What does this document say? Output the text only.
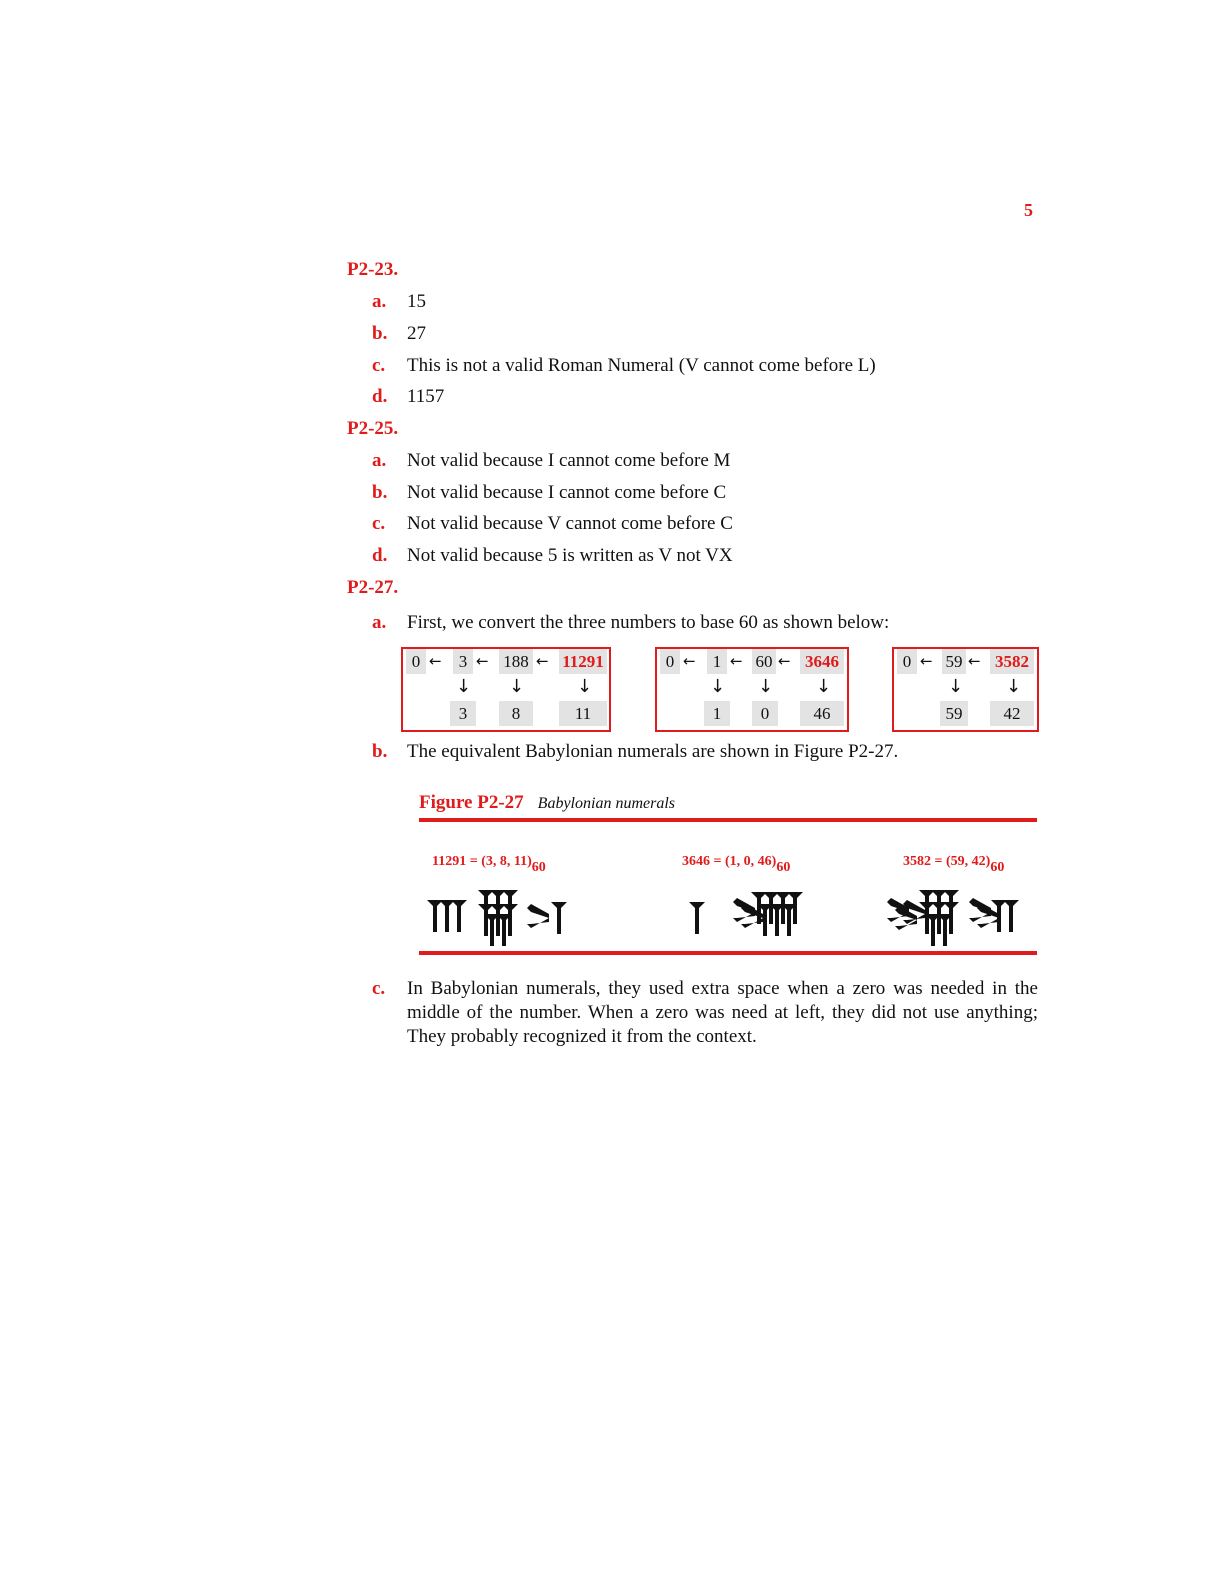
5
P2-23.
a. 15
b. 27
c. This is not a valid Roman Numeral (V cannot come before L)
d. 1157
P2-25.
a. Not valid because I cannot come before M
b. Not valid because I cannot come before C
c. Not valid because V cannot come before C
d. Not valid because 5 is written as V not VX
P2-27.
a. First, we convert the three numbers to base 60 as shown below:
0 ←	3 ← 188 ← 11291
↓ ↓	↓
3	8	11
0 ←	1 ← 60 ← 3646
↓ ↓ ↓
1	0	46
0 ← 59 ← 3582
↓ ↓
59	42
b. The equivalent Babylonian numerals are shown in Figure P2-27.
Figure P2-27 Babylonian numerals
11291 = (3, 8, $11)_{60}$	3646 = (1, 0, $46)_{60}$	3582 = (59, $42)_{60}$
c.	In Babylonian numerals, they used extra space when a zero was needed in the middle of the number. When a zero was need at left, they did not use anything; They probably recognized it from the context.
